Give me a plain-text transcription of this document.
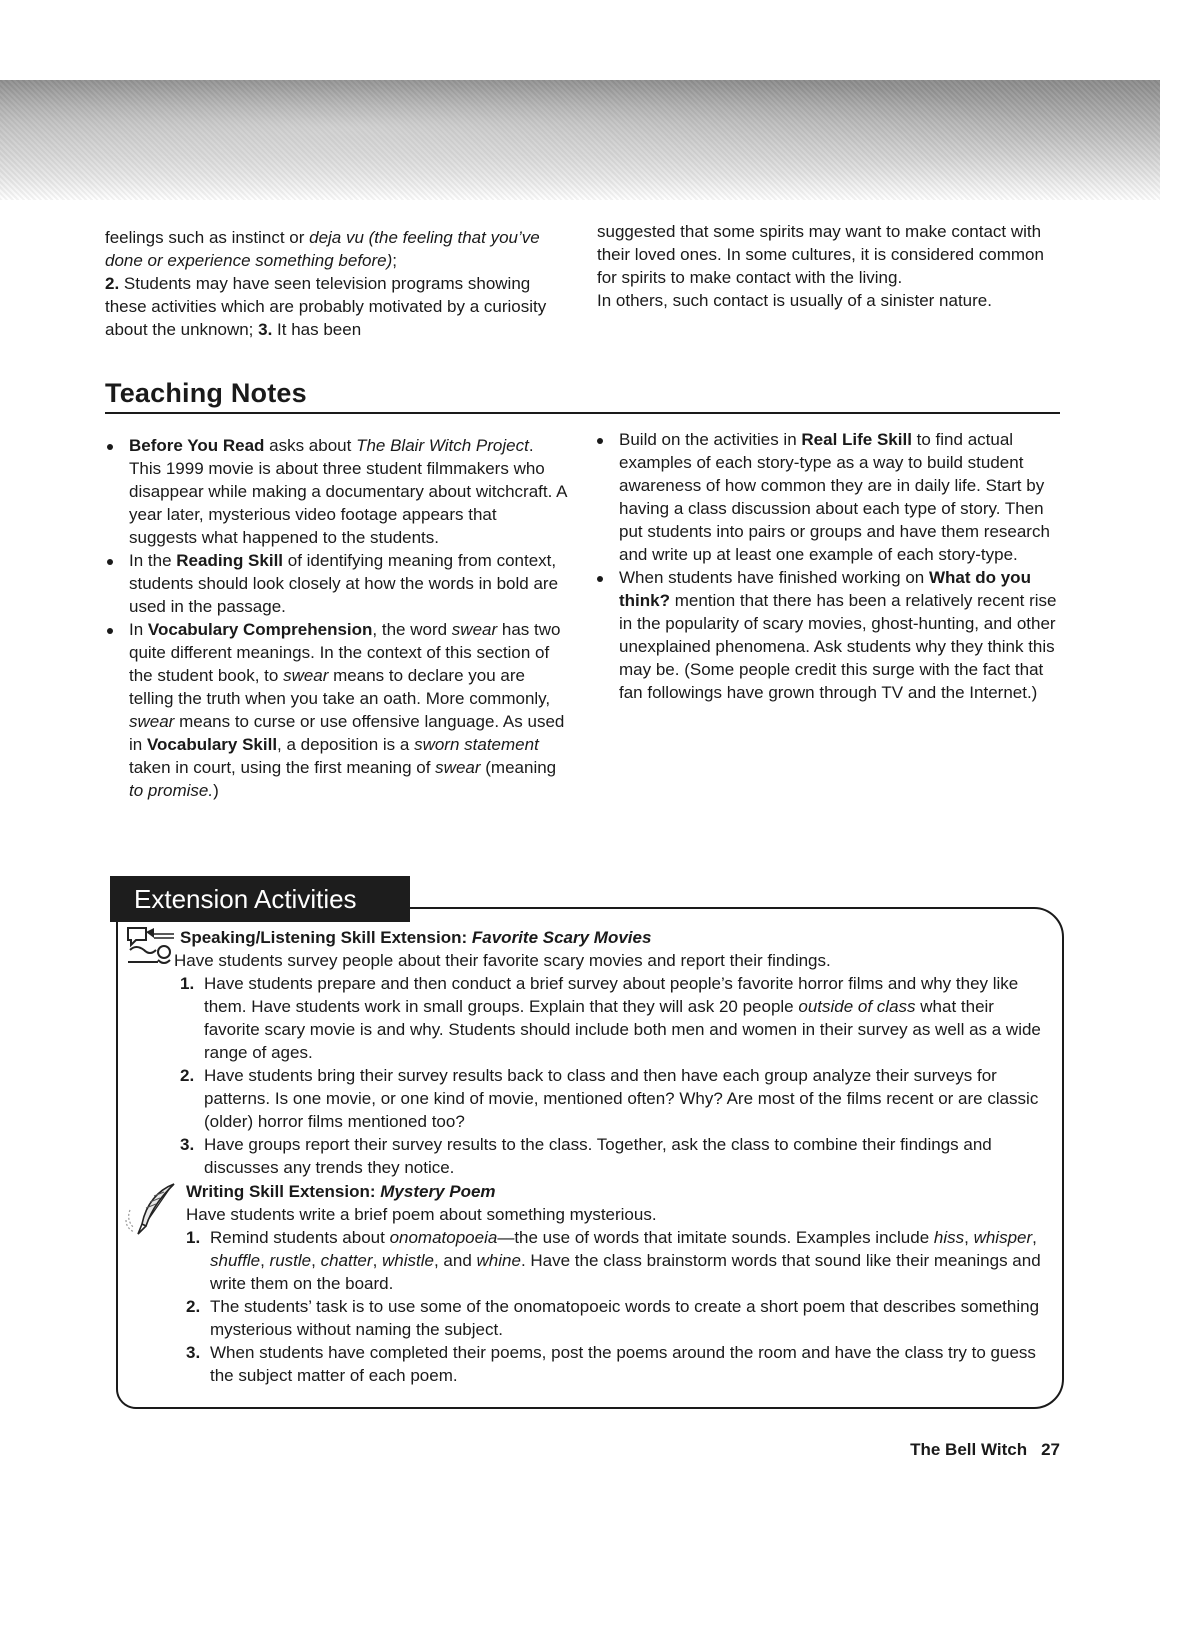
feelings such as instinct or deja vu (the feeling that you’ve done or experience something before);
2. Students may have seen television programs showing these activities which are probably motivated by a curiosity about the unknown; 3. It has been

suggested that some spirits may want to make contact with their loved ones. In some cultures, it is considered common for spirits to make contact with the living.
In others, such contact is usually of a sinister nature.

Teaching Notes
Before You Read asks about The Blair Witch Project. This 1999 movie is about three student filmmakers who disappear while making a documentary about witchcraft. A year later, mysterious video footage appears that suggests what happened to the students.
In the Reading Skill of identifying meaning from context, students should look closely at how the words in bold are used in the passage.
In Vocabulary Comprehension, the word swear has two quite different meanings. In the context of this section of the student book, to swear means to declare you are telling the truth when you take an oath. More commonly, swear means to curse or use offensive language. As used in Vocabulary Skill, a deposition is a sworn statement taken in court, using the first meaning of swear (meaning to promise.)
Build on the activities in Real Life Skill to find actual examples of each story-type as a way to build student awareness of how common they are in daily life. Start by having a class discussion about each type of story. Then put students into pairs or groups and have them research and write up at least one example of each story-type.
When students have finished working on What do you think? mention that there has been a relatively recent rise in the popularity of scary movies, ghost-hunting, and other unexplained phenomena. Ask students why they think this may be. (Some people credit this surge with the fact that fan followings have grown through TV and the Internet.)
Extension Activities
Speaking/Listening Skill Extension: Favorite Scary Movies
Have students survey people about their favorite scary movies and report their findings.
1. Have students prepare and then conduct a brief survey about people’s favorite horror films and why they like them. Have students work in small groups. Explain that they will ask 20 people outside of class what their favorite scary movie is and why. Students should include both men and women in their survey as well as a wide range of ages.
2. Have students bring their survey results back to class and then have each group analyze their surveys for patterns. Is one movie, or one kind of movie, mentioned often? Why? Are most of the films recent or are classic (older) horror films mentioned too?
3. Have groups report their survey results to the class. Together, ask the class to combine their findings and discusses any trends they notice.
Writing Skill Extension: Mystery Poem
Have students write a brief poem about something mysterious.
1. Remind students about onomatopoeia—the use of words that imitate sounds. Examples include hiss, whisper, shuffle, rustle, chatter, whistle, and whine. Have the class brainstorm words that sound like their meanings and write them on the board.
2. The students’ task is to use some of the onomatopoeic words to create a short poem that describes something mysterious without naming the subject.
3. When students have completed their poems, post the poems around the room and have the class try to guess the subject matter of each poem.
The Bell Witch 27
